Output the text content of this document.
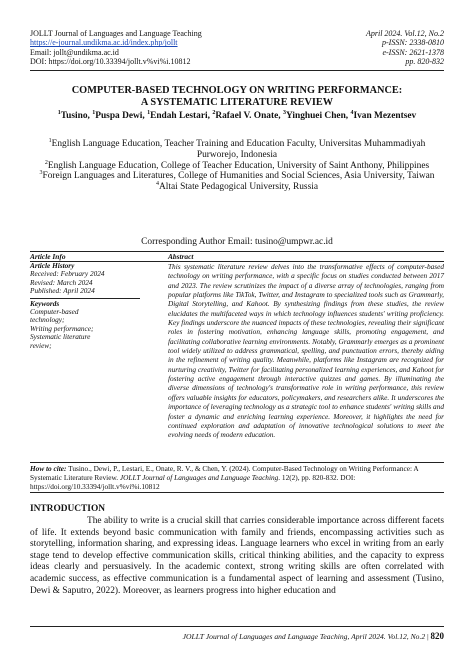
JOLLT Journal of Languages and Language Teaching
https://e-journal.undikma.ac.id/index.php/jollt
Email: jollt@undikma.ac.id
DOI: https://doi.org/10.33394/jollt.v%vi%i.10812
April 2024. Vol.12, No.2
p-ISSN: 2338-0810
e-ISSN: 2621-1378
pp. 820-832
COMPUTER-BASED TECHNOLOGY ON WRITING PERFORMANCE:
A SYSTEMATIC LITERATURE REVIEW
$^1$Tusino, $^1$Puspa Dewi, $^1$Endah Lestari, $^2$Rafael V. Onate, $^3$Yinghuei Chen, $^4$Ivan Mezentsev

$^1$English Language Education, Teacher Training and Education Faculty, Universitas Muhammadiyah Purworejo, Indonesia

$^2$English Language Education, College of Teacher Education, University of Saint Anthony, Philippines

$^3$Foreign Languages and Literatures, College of Humanities and Social Sciences, Asia University, Taiwan

$^4$Altai State Pedagogical University, Russia

Corresponding Author Email: tusino@umpwr.ac.id
Article Info	Abstract
Article History
Received: February 2024
Revised: March 2024
Published: April 2024
Keywords
Computer-based
technology;
Writing performance;
Systematic literature
review;

This systematic literature review delves into the transformative effects of computer-based technology on writing performance, with a specific focus on studies conducted between 2017 and 2023. The review scrutinizes the impact of a diverse array of technologies, ranging from popular platforms like TikTok, Twitter, and Instagram to specialized tools such as Grammarly, Digital Storytelling, and Kahoot. By synthesizing findings from these studies, the review elucidates the multifaceted ways in which technology influences students' writing proficiency. Key findings underscore the nuanced impacts of these technologies, revealing their significant roles in fostering motivation, enhancing language skills, promoting engagement, and facilitating collaborative learning environments. Notably, Grammarly emerges as a prominent tool widely utilized to address grammatical, spelling, and punctuation errors, thereby aiding in the refinement of writing quality. Meanwhile, platforms like Instagram are recognized for nurturing creativity, Twitter for facilitating personalized learning experiences, and Kahoot for fostering active engagement through interactive quizzes and games. By illuminating the diverse dimensions of technology's transformative role in writing performance, this review offers valuable insights for educators, policymakers, and researchers alike. It underscores the importance of leveraging technology as a strategic tool to enhance students' writing skills and foster a dynamic and enriching learning experience. Moreover, it highlights the need for continued exploration and adaptation of innovative technological solutions to meet the evolving needs of modern education.

How to cite: Tusino., Dewi, P., Lestari, E., Onate, R. V., & Chen, Y. (2024). Computer-Based Technology on Writing Performance: A Systematic Literature Review. JOLLT Journal of Languages and Language Teaching. 12(2), pp. 820-832. DOI: https://doi.org/10.33394/jollt.v%vi%i.10812
INTRODUCTION

The ability to write is a crucial skill that carries considerable importance across different facets of life. It extends beyond basic communication with family and friends, encompassing activities such as storytelling, information sharing, and expressing ideas. Language learners who excel in writing from an early stage tend to develop effective communication skills, critical thinking abilities, and the capacity to express ideas clearly and persuasively. In the academic context, strong writing skills are often correlated with academic success, as effective communication is a fundamental aspect of learning and assessment (Tusino, Dewi & Saputro, 2022). Moreover, as learners progress into higher education and

JOLLT Journal of Languages and Language Teaching, April 2024. Vol.12, No.2 | 820
